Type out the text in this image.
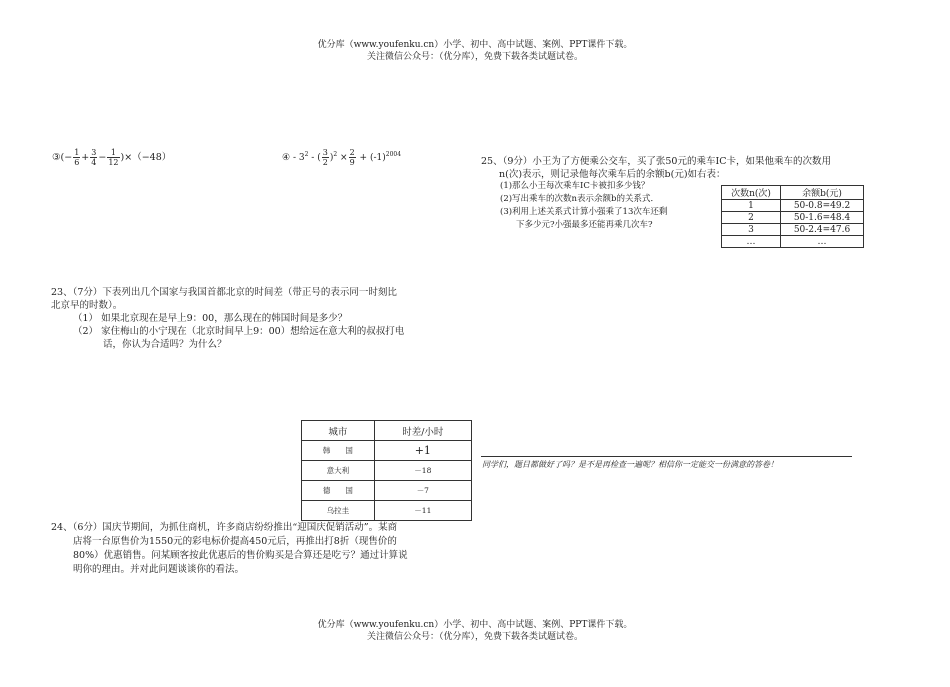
优分库（www.youfenku.cn）小学、初中、高中试题、案例、PPT课件下载。
关注微信公众号：（优分库），免费下载各类试题试卷。
③(− $\frac{1}{6} + \frac{3}{4} - \frac{1}{12} )\times(-48)$	④ - $3^2$ - ( $\frac{3}{2} )^2 \times \frac{2}{9} + (-1)^{2004}$
25、（9分）小王为了方便乘公交车，买了张50元的乘车IC卡，如果他乘车的次数用
n(次)表示，则记录他每次乘车后的余额b(元)如右表：
(1)那么小王每次乘车IC卡被扣多少钱？
(2)写出乘车的次数n表示余额b的关系式．
(3)利用上述关系式计算小强乘了13次车还剩
下多少元?小强最多还能再乘几次车?
次数n(次)	余额b(元)
1	50-0.8=49.2
2	50-1.6=48.4
3	50-2.4=47.6
…	…
23、（7分）下表列出几个国家与我国首都北京的时间差（带正号的表示同一时刻比
北京早的时数）。
（1） 如果北京现在是早上9：00，那么现在的韩国时间是多少？
（2） 家住梅山的小宁现在（北京时间早上9：00）想给远在意大利的叔叔打电
话，你认为合适吗？为什么？
城市	时差/小时
韩　　国	+1
意大利	－18
德　　国	－7
乌拉圭	－11
同学们，题目都做好了吗？是不是再检查一遍呢？相信你一定能交一份满意的答卷！
24、（6分）国庆节期间，为抓住商机，许多商店纷纷推出“迎国庆促销活动”。某商
店将一台原售价为1550元的彩电标价提高450元后，再推出打8折（现售价的
80%）优惠销售。问某顾客按此优惠后的售价购买是合算还是吃亏？通过计算说
明你的理由。并对此问题谈谈你的看法。
优分库（www.youfenku.cn）小学、初中、高中试题、案例、PPT课件下载。
关注微信公众号：（优分库），免费下载各类试题试卷。
